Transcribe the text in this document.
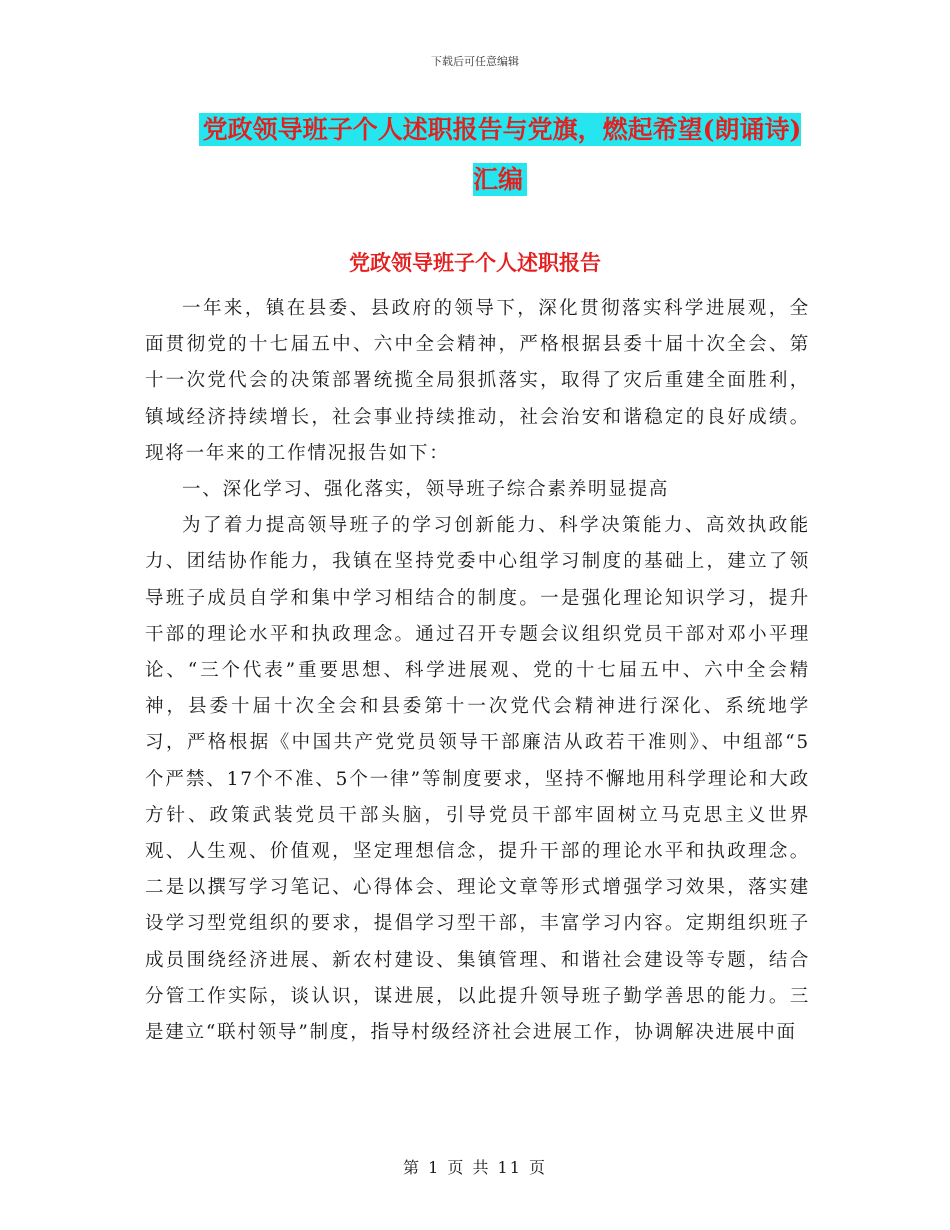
下载后可任意编辑
党政领导班子个人述职报告与党旗，燃起希望(朗诵诗)汇编
党政领导班子个人述职报告

一年来，镇在县委、县政府的领导下，深化贯彻落实科学进展观，全面贯彻党的十七届五中、六中全会精神，严格根据县委十届十次全会、第十一次党代会的决策部署统揽全局狠抓落实，取得了灾后重建全面胜利，镇域经济持续增长，社会事业持续推动，社会治安和谐稳定的良好成绩。现将一年来的工作情况报告如下：

一、深化学习、强化落实，领导班子综合素养明显提高

为了着力提高领导班子的学习创新能力、科学决策能力、高效执政能力、团结协作能力，我镇在坚持党委中心组学习制度的基础上，建立了领导班子成员自学和集中学习相结合的制度。一是强化理论知识学习，提升干部的理论水平和执政理念。通过召开专题会议组织党员干部对邓小平理论、“三个代表”重要思想、科学进展观、党的十七届五中、六中全会精神，县委十届十次全会和县委第十一次党代会精神进行深化、系统地学习，严格根据《中国共产党党员领导干部廉洁从政若干准则》、中组部“5个严禁、17个不准、5个一律”等制度要求，坚持不懈地用科学理论和大政方针、政策武装党员干部头脑，引导党员干部牢固树立马克思主义世界观、人生观、价值观，坚定理想信念，提升干部的理论水平和执政理念。二是以撰写学习笔记、心得体会、理论文章等形式增强学习效果，落实建设学习型党组织的要求，提倡学习型干部，丰富学习内容。定期组织班子成员围绕经济进展、新农村建设、集镇管理、和谐社会建设等专题，结合分管工作实际，谈认识，谋进展，以此提升领导班子勤学善思的能力。三是建立“联村领导”制度，指导村级经济社会进展工作，协调解决进展中面

第 1 页 共 11 页
